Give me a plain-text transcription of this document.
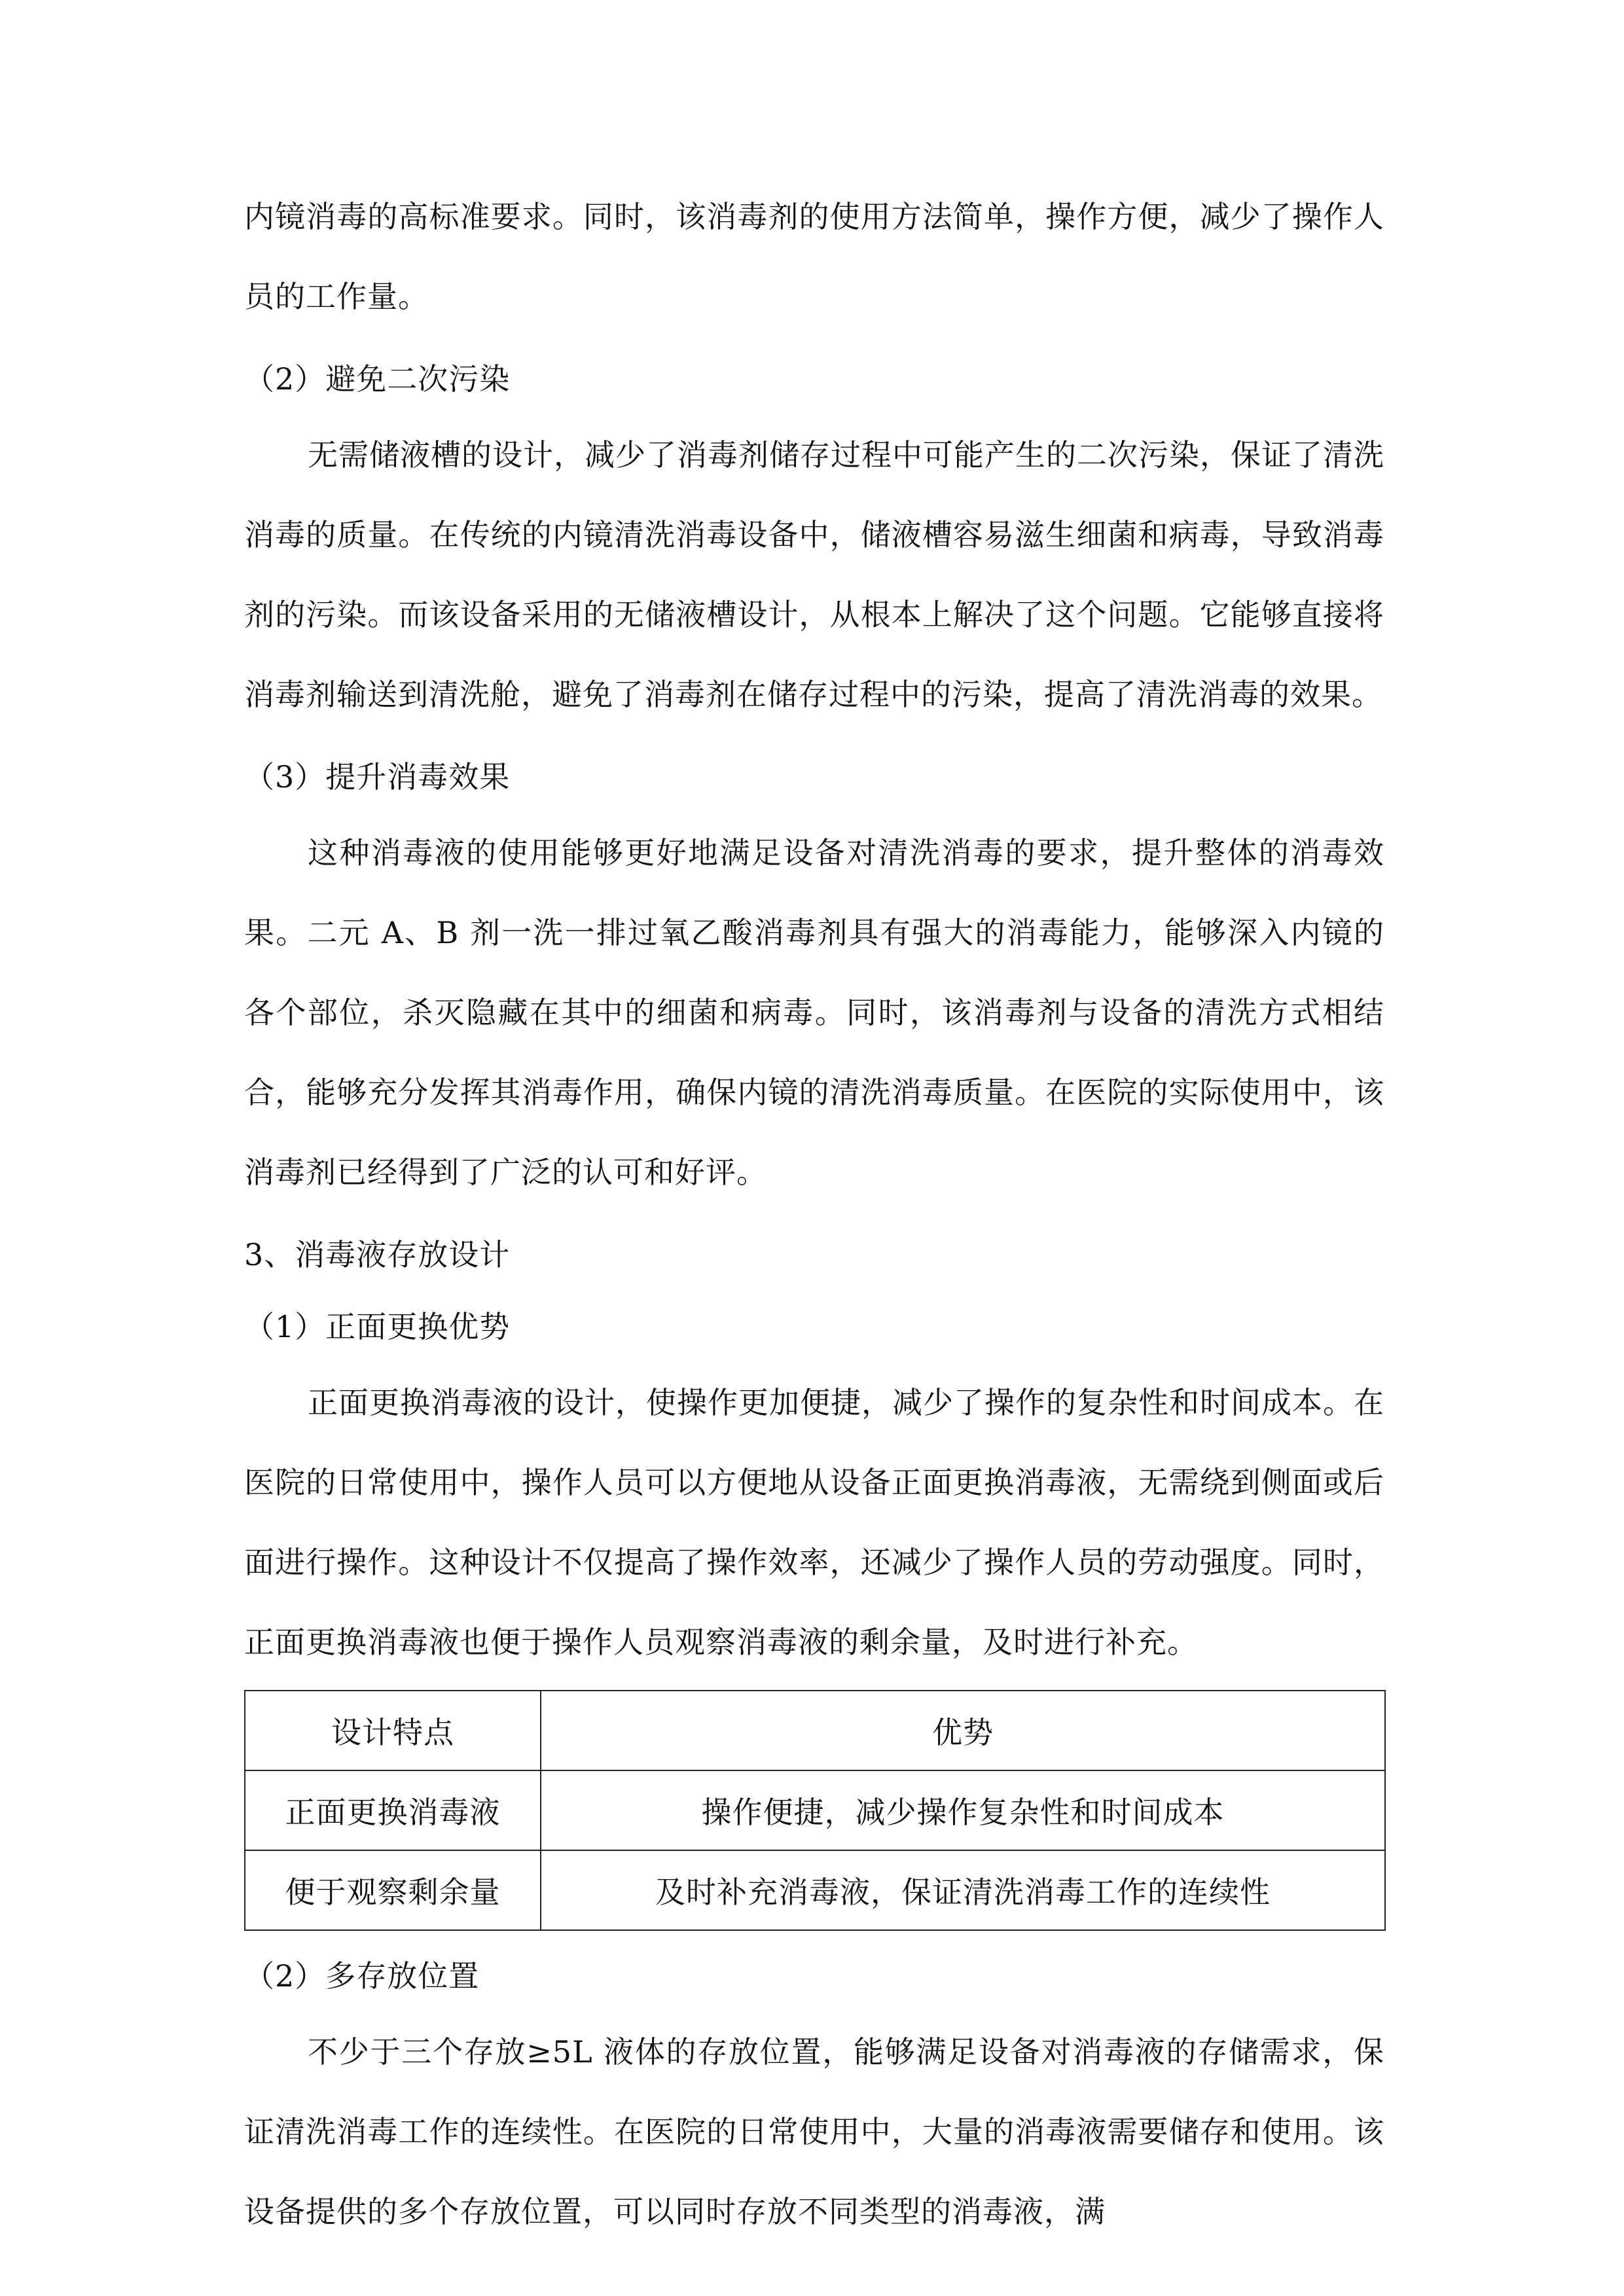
内镜消毒的高标准要求。同时，该消毒剂的使用方法简单，操作方便，减少了操作人员的工作量。

（2）避免二次污染

无需储液槽的设计，减少了消毒剂储存过程中可能产生的二次污染，保证了清洗消毒的质量。在传统的内镜清洗消毒设备中，储液槽容易滋生细菌和病毒，导致消毒剂的污染。而该设备采用的无储液槽设计，从根本上解决了这个问题。它能够直接将消毒剂输送到清洗舱，避免了消毒剂在储存过程中的污染，提高了清洗消毒的效果。

（3）提升消毒效果

这种消毒液的使用能够更好地满足设备对清洗消毒的要求，提升整体的消毒效果。二元 A、B 剂一洗一排过氧乙酸消毒剂具有强大的消毒能力，能够深入内镜的各个部位，杀灭隐藏在其中的细菌和病毒。同时，该消毒剂与设备的清洗方式相结合，能够充分发挥其消毒作用，确保内镜的清洗消毒质量。在医院的实际使用中，该消毒剂已经得到了广泛的认可和好评。

3、消毒液存放设计

（1）正面更换优势

正面更换消毒液的设计，使操作更加便捷，减少了操作的复杂性和时间成本。在医院的日常使用中，操作人员可以方便地从设备正面更换消毒液，无需绕到侧面或后面进行操作。这种设计不仅提高了操作效率，还减少了操作人员的劳动强度。同时，正面更换消毒液也便于操作人员观察消毒液的剩余量，及时进行补充。

设计特点	优势
正面更换消毒液	操作便捷，减少操作复杂性和时间成本
便于观察剩余量	及时补充消毒液，保证清洗消毒工作的连续性

（2）多存放位置

不少于三个存放≥5L 液体的存放位置，能够满足设备对消毒液的存储需求，保证清洗消毒工作的连续性。在医院的日常使用中，大量的消毒液需要储存和使用。该设备提供的多个存放位置，可以同时存放不同类型的消毒液，满
